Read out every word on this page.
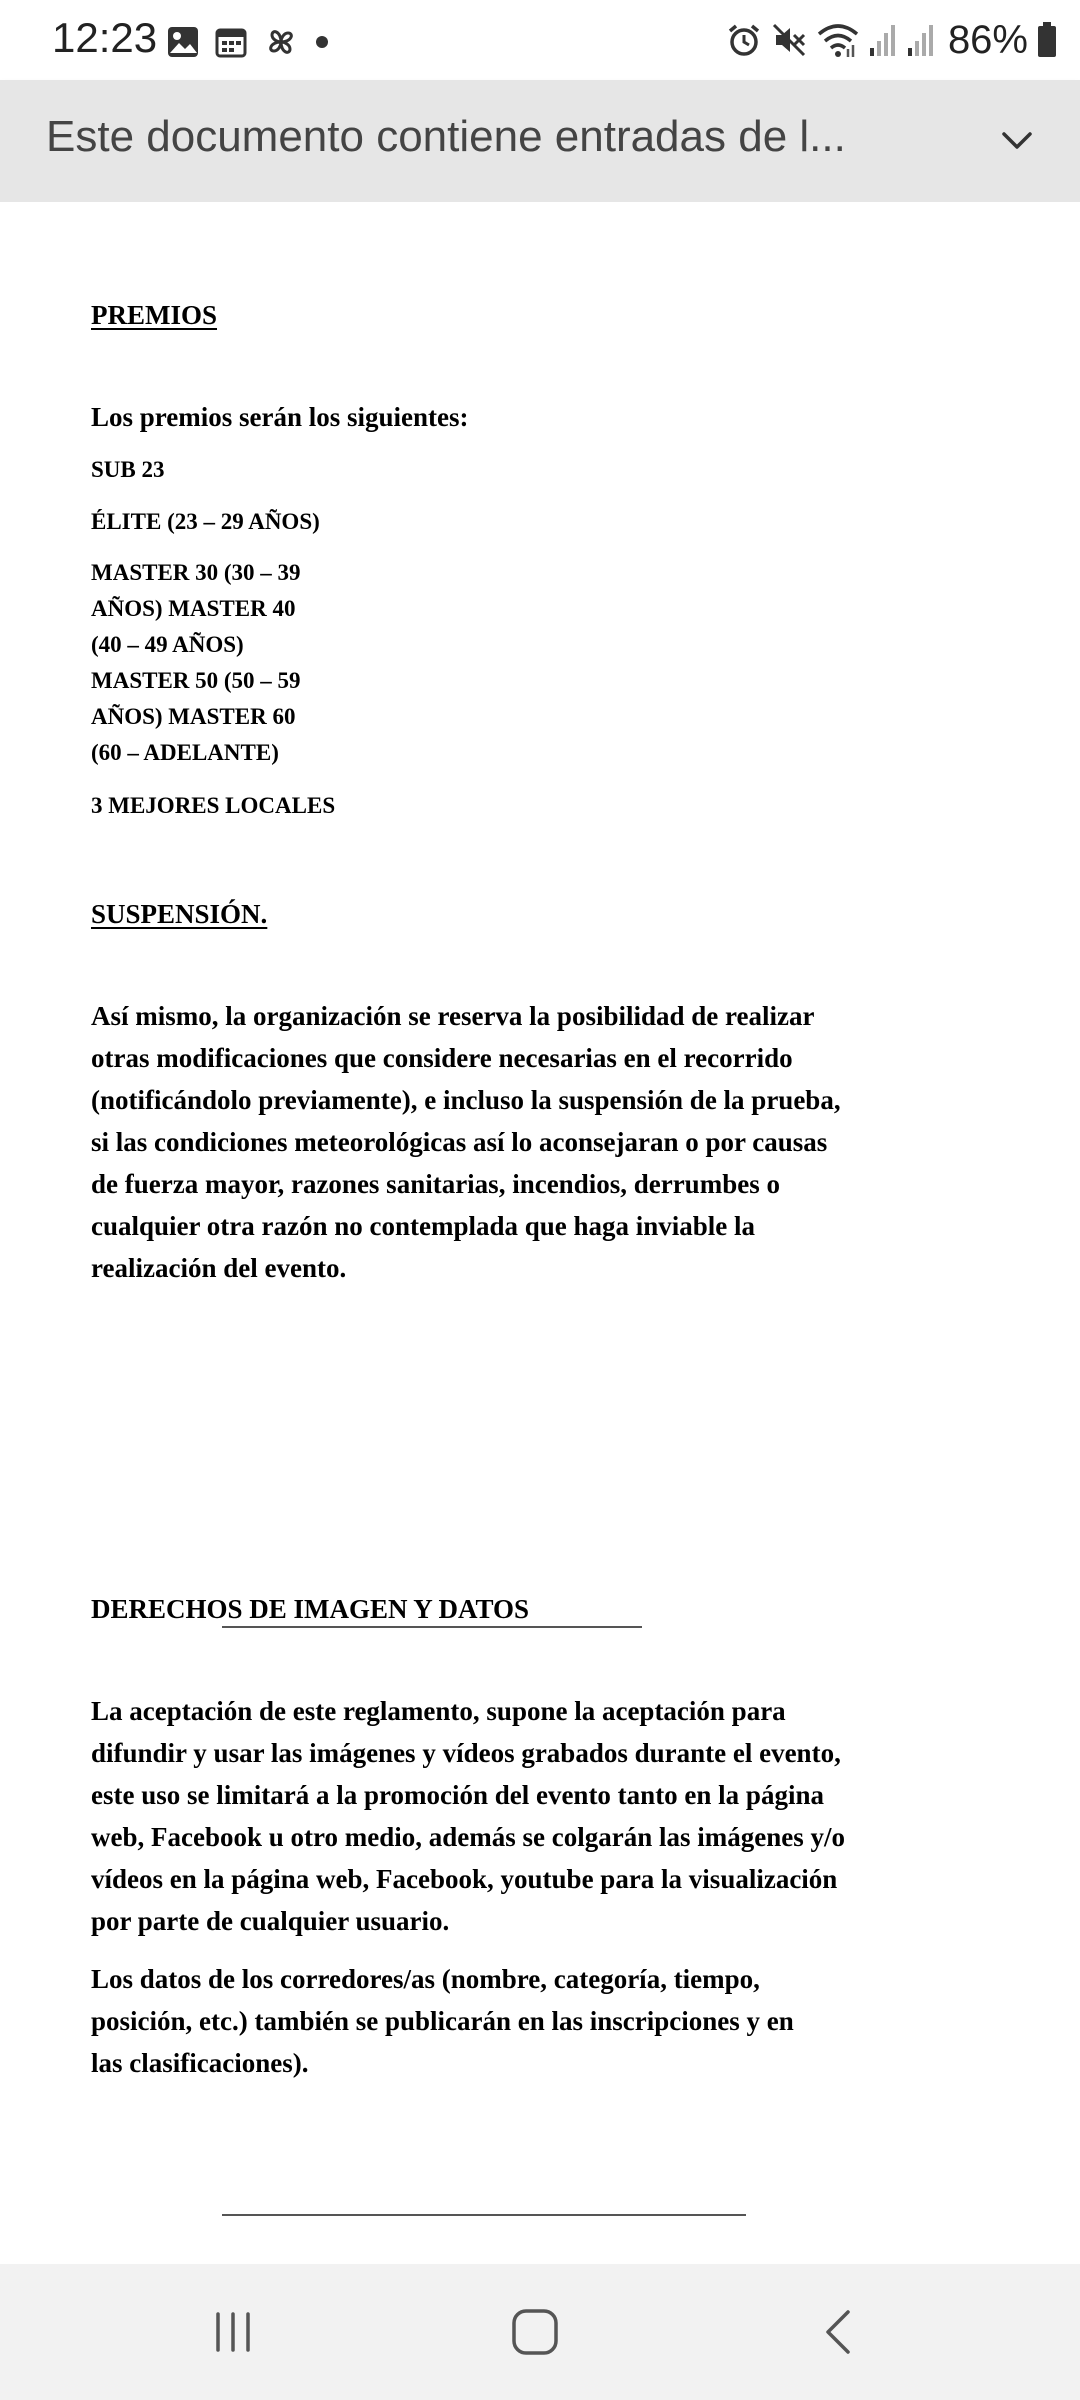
12:23	86%
Este documento contiene entradas de l...
PREMIOS
Los premios serán los siguientes:
SUB 23
ÉLITE (23 – 29 AÑOS)
MASTER 30 (30 – 39
AÑOS) MASTER 40
(40 – 49 AÑOS)
MASTER 50 (50 – 59
AÑOS) MASTER 60
(60 – ADELANTE)
3 MEJORES LOCALES
SUSPENSIÓN.
Así mismo, la organización se reserva la posibilidad de realizar
otras modificaciones que considere necesarias en el recorrido
(notificándolo previamente), e incluso la suspensión de la prueba,
si las condiciones meteorológicas así lo aconsejaran o por causas
de fuerza mayor, razones sanitarias, incendios, derrumbes o
cualquier otra razón no contemplada que haga inviable la
realización del evento.
DERECHOS DE IMAGEN Y DATOS
La aceptación de este reglamento, supone la aceptación para
difundir y usar las imágenes y vídeos grabados durante el evento,
este uso se limitará a la promoción del evento tanto en la página
web, Facebook u otro medio, además se colgarán las imágenes y/o
vídeos en la página web, Facebook, youtube para la visualización
por parte de cualquier usuario.
Los datos de los corredores/as (nombre, categoría, tiempo,
posición, etc.) también se publicarán en las inscripciones y en
las clasificaciones).
